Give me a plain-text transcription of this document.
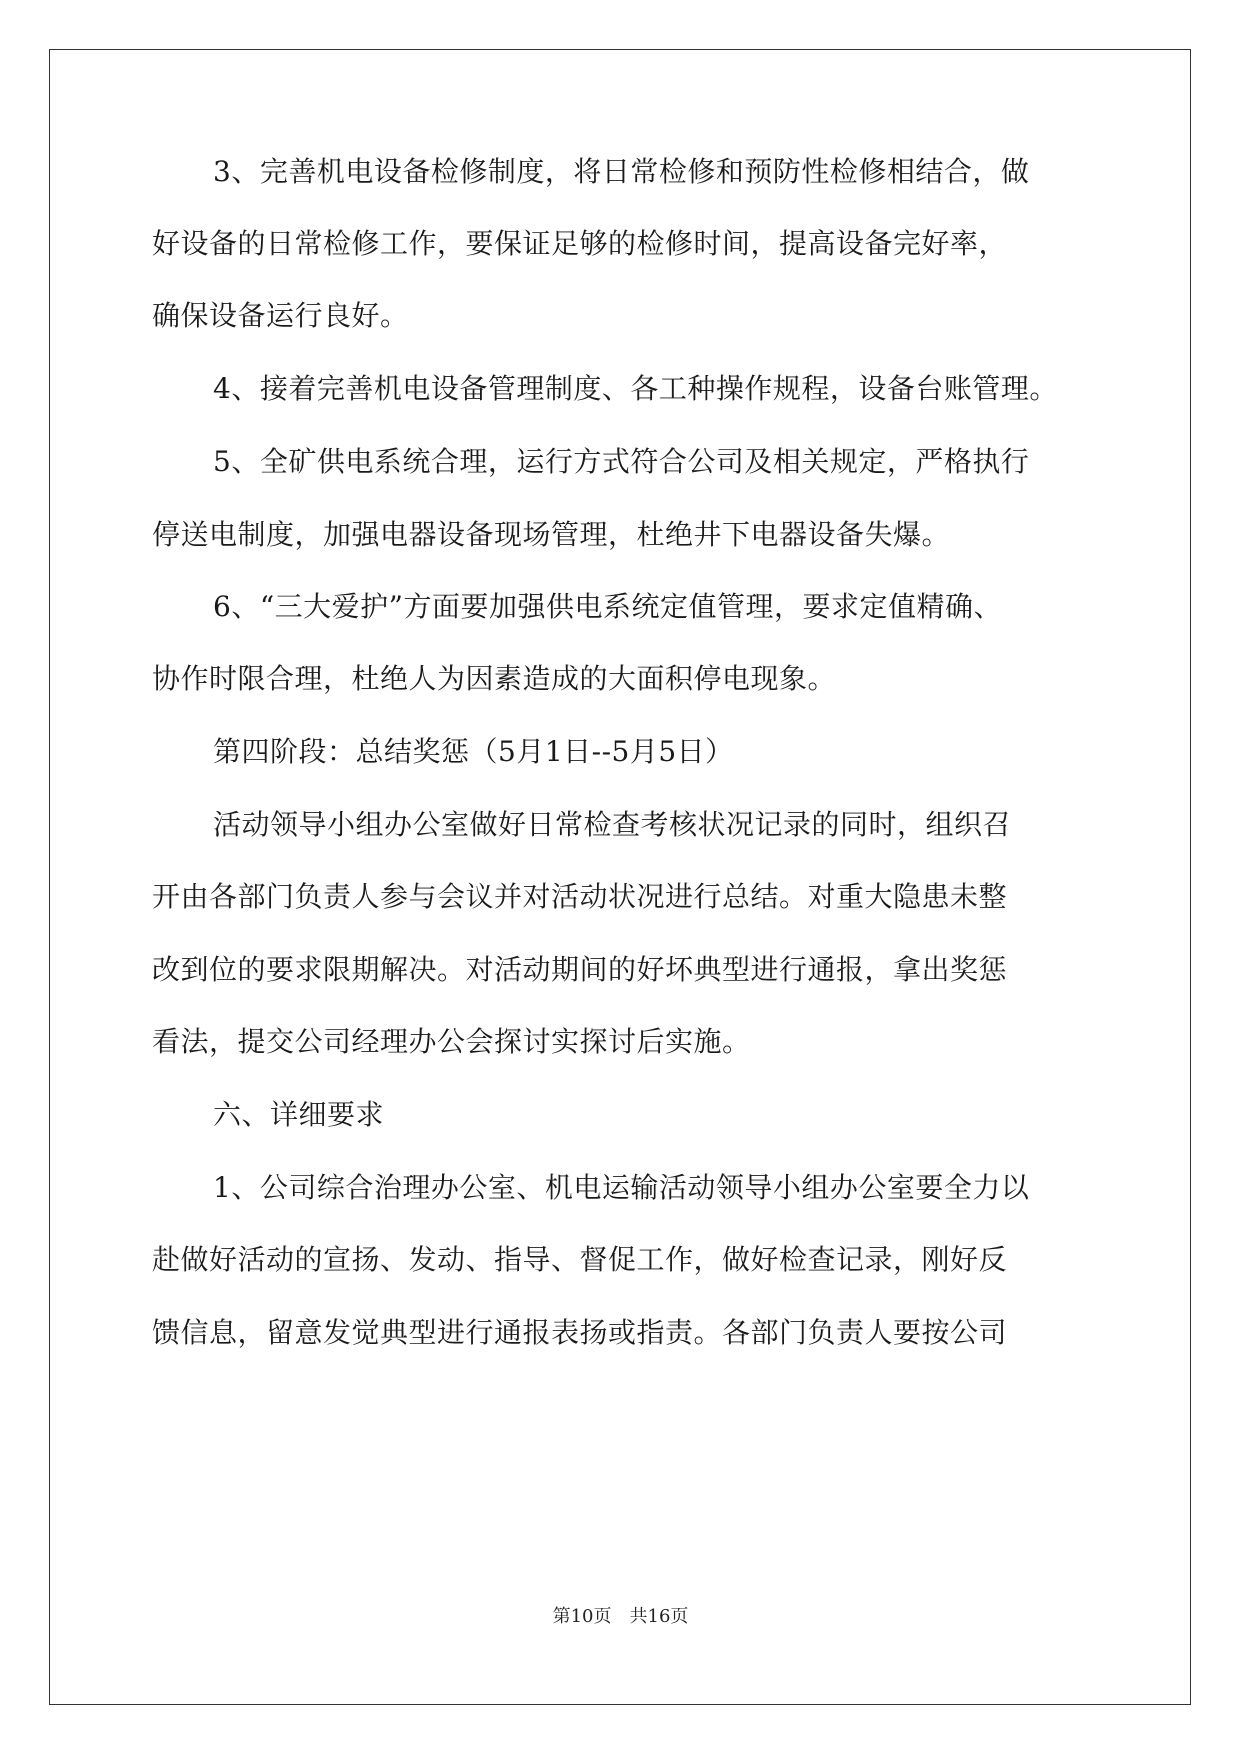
3、完善机电设备检修制度，将日常检修和预防性检修相结合，做
好设备的日常检修工作，要保证足够的检修时间，提高设备完好率，
确保设备运行良好。
4、接着完善机电设备管理制度、各工种操作规程，设备台账管理。
5、全矿供电系统合理，运行方式符合公司及相关规定，严格执行
停送电制度，加强电器设备现场管理，杜绝井下电器设备失爆。
6、“三大爱护”方面要加强供电系统定值管理，要求定值精确、
协作时限合理，杜绝人为因素造成的大面积停电现象。
第四阶段：总结奖惩（5月1日--5月5日）
活动领导小组办公室做好日常检查考核状况记录的同时，组织召
开由各部门负责人参与会议并对活动状况进行总结。对重大隐患未整
改到位的要求限期解决。对活动期间的好坏典型进行通报，拿出奖惩
看法，提交公司经理办公会探讨实探讨后实施。
六、详细要求
1、公司综合治理办公室、机电运输活动领导小组办公室要全力以
赴做好活动的宣扬、发动、指导、督促工作，做好检查记录，刚好反
馈信息，留意发觉典型进行通报表扬或指责。各部门负责人要按公司
第10页　共16页
